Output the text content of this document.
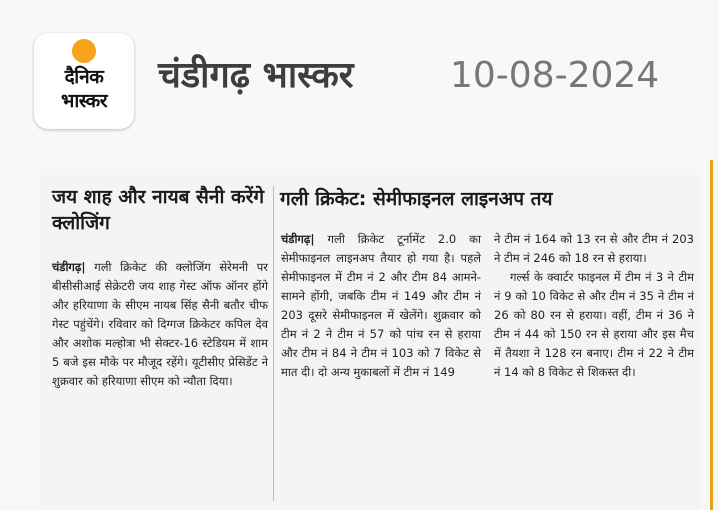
दैनिक
भास्कर
चंडीगढ़ भास्कर	10-08-2024
जय शाह और नायब सैनी करेंगे क्लोजिंग

चंडीगढ़| गली क्रिकेट की क्लोजिंग सेरेमनी पर बीसीसीआई सेक्रेटरी जय शाह गेस्ट ऑफ ऑनर होंगे और हरियाणा के सीएम नायब सिंह सैनी बतौर चीफ गेस्ट पहुंचेंगे। रविवार को दिग्गज क्रिकेटर कपिल देव और अशोक मल्होत्रा भी सेक्टर-16 स्टेडियम में शाम 5 बजे इस मौके पर मौजूद रहेंगे। यूटीसीए प्रेसिडेंट ने शुक्रवार को हरियाणा सीएम को न्यौता दिया।

गली क्रिकेट: सेमीफाइनल लाइनअप तय

चंडीगढ़| गली क्रिकेट टूर्नामेंट 2.0 का सेमीफाइनल लाइनअप तैयार हो गया है। पहले सेमीफाइनल में टीम नं 2 और टीम 84 आमने-सामने होंगी, जबकि टीम नं 149 और टीम नं 203 दूसरे सेमीफाइनल में खेलेंगे। शुक्रवार को टीम नं 2 ने टीम नं 57 को पांच रन से हराया और टीम नं 84 ने टीम नं 103 को 7 विकेट से मात दी। दो अन्य मुकाबलों में टीम नं 149

ने टीम नं 164 को 13 रन से और टीम नं 203 ने टीम नं 246 को 18 रन से हराया।

गर्ल्स के क्वार्टर फाइनल में टीम नं 3 ने टीम नं 9 को 10 विकेट से और टीम नं 35 ने टीम नं 26 को 80 रन से हराया। वहीं, टीम नं 36 ने टीम नं 44 को 150 रन से हराया और इस मैच में तैयशा ने 128 रन बनाए। टीम नं 22 ने टीम नं 14 को 8 विकेट से शिकस्त दी।
